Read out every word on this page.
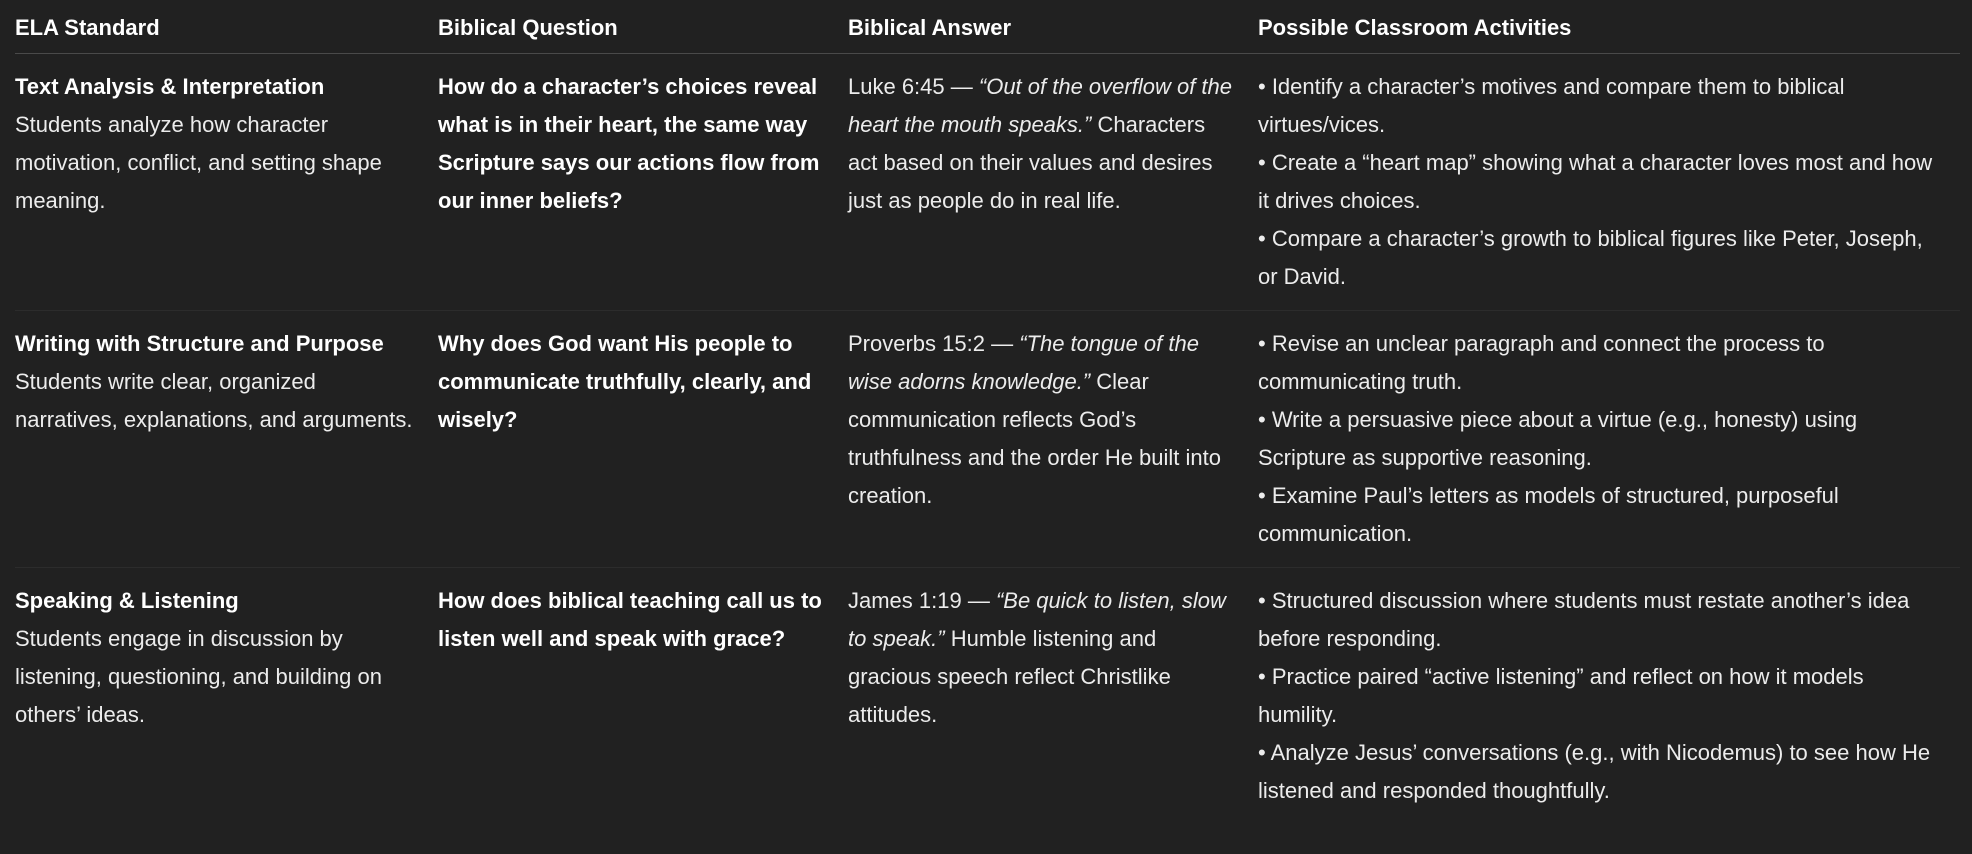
ELA Standard	Biblical Question	Biblical Answer	Possible Classroom Activities

Text Analysis & Interpretation
Students analyze how character motivation, conflict, and setting shape meaning.	How do a character’s choices reveal what is in their heart, the same way Scripture says our actions flow from our inner beliefs?	Luke 6:45 — “Out of the overflow of the heart the mouth speaks.” Characters act based on their values and desires just as people do in real life.	• Identify a character’s motives and compare them to biblical virtues/vices.
• Create a “heart map” showing what a character loves most and how it drives choices.
• Compare a character’s growth to biblical figures like Peter, Joseph, or David.

Writing with Structure and Purpose
Students write clear, organized narratives, explanations, and arguments.	Why does God want His people to communicate truthfully, clearly, and wisely?	Proverbs 15:2 — “The tongue of the wise adorns knowledge.” Clear communication reflects God’s truthfulness and the order He built into creation.	• Revise an unclear paragraph and connect the process to communicating truth.
• Write a persuasive piece about a virtue (e.g., honesty) using Scripture as supportive reasoning.
• Examine Paul’s letters as models of structured, purposeful communication.

Speaking & Listening
Students engage in discussion by listening, questioning, and building on others’ ideas.	How does biblical teaching call us to listen well and speak with grace?	James 1:19 — “Be quick to listen, slow to speak.” Humble listening and gracious speech reflect Christlike attitudes.	• Structured discussion where students must restate another’s idea before responding.
• Practice paired “active listening” and reflect on how it models humility.
• Analyze Jesus’ conversations (e.g., with Nicodemus) to see how He listened and responded thoughtfully.
